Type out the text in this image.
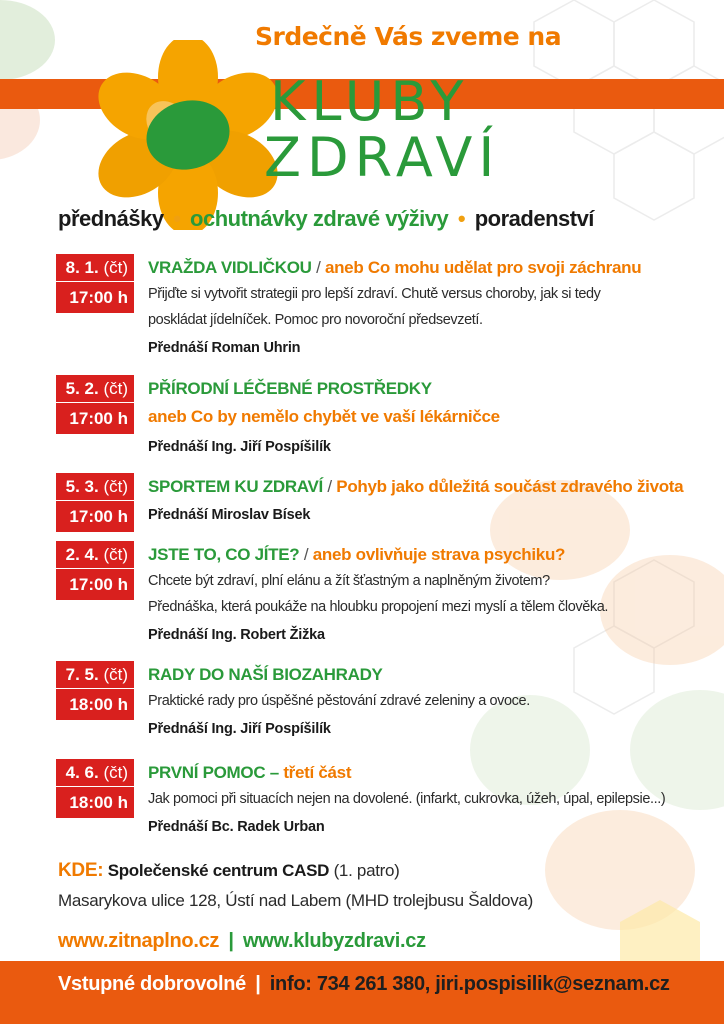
Srdečně Vás zveme na
KLUBY
ZDRAVÍ
přednášky • ochutnávky zdravé výživy • poradenství
8. 1. (čt)
17:00 h
VRAŽDA VIDLIČKOU / aneb Co mohu udělat pro svoji záchranu
Přijďte si vytvořit strategii pro lepší zdraví. Chutě versus choroby, jak si tedy
poskládat jídelníček. Pomoc pro novoroční předsevzetí.
Přednáší Roman Uhrin
5. 2. (čt)
17:00 h
PŘÍRODNÍ LÉČEBNÉ PROSTŘEDKY
aneb Co by nemělo chybět ve vaší lékárničce
Přednáší Ing. Jiří Pospíšilík
5. 3. (čt)
17:00 h
SPORTEM KU ZDRAVÍ / Pohyb jako důležitá součást zdravého života
Přednáší Miroslav Bísek
2. 4. (čt)
17:00 h
JSTE TO, CO JÍTE? / aneb ovlivňuje strava psychiku?
Chcete být zdraví, plní elánu a žít šťastným a naplněným životem?
Přednáška, která poukáže na hloubku propojení mezi myslí a tělem člověka.
Přednáší Ing. Robert Žižka
7. 5. (čt)
18:00 h
RADY DO NAŠÍ BIOZAHRADY
Praktické rady pro úspěšné pěstování zdravé zeleniny a ovoce.
Přednáší Ing. Jiří Pospíšilík
4. 6. (čt)
18:00 h
PRVNÍ POMOC – třetí část
Jak pomoci při situacích nejen na dovolené. (infarkt, cukrovka, úžeh, úpal, epilepsie...)
Přednáší Bc. Radek Urban
KDE: Společenské centrum CASD (1. patro)
Masarykova ulice 128, Ústí nad Labem (MHD trolejbusu Šaldova)
www.zitnaplno.cz | www.klubyzdravi.cz
Vstupné dobrovolné | info: 734 261 380, jiri.pospisilik@seznam.cz
